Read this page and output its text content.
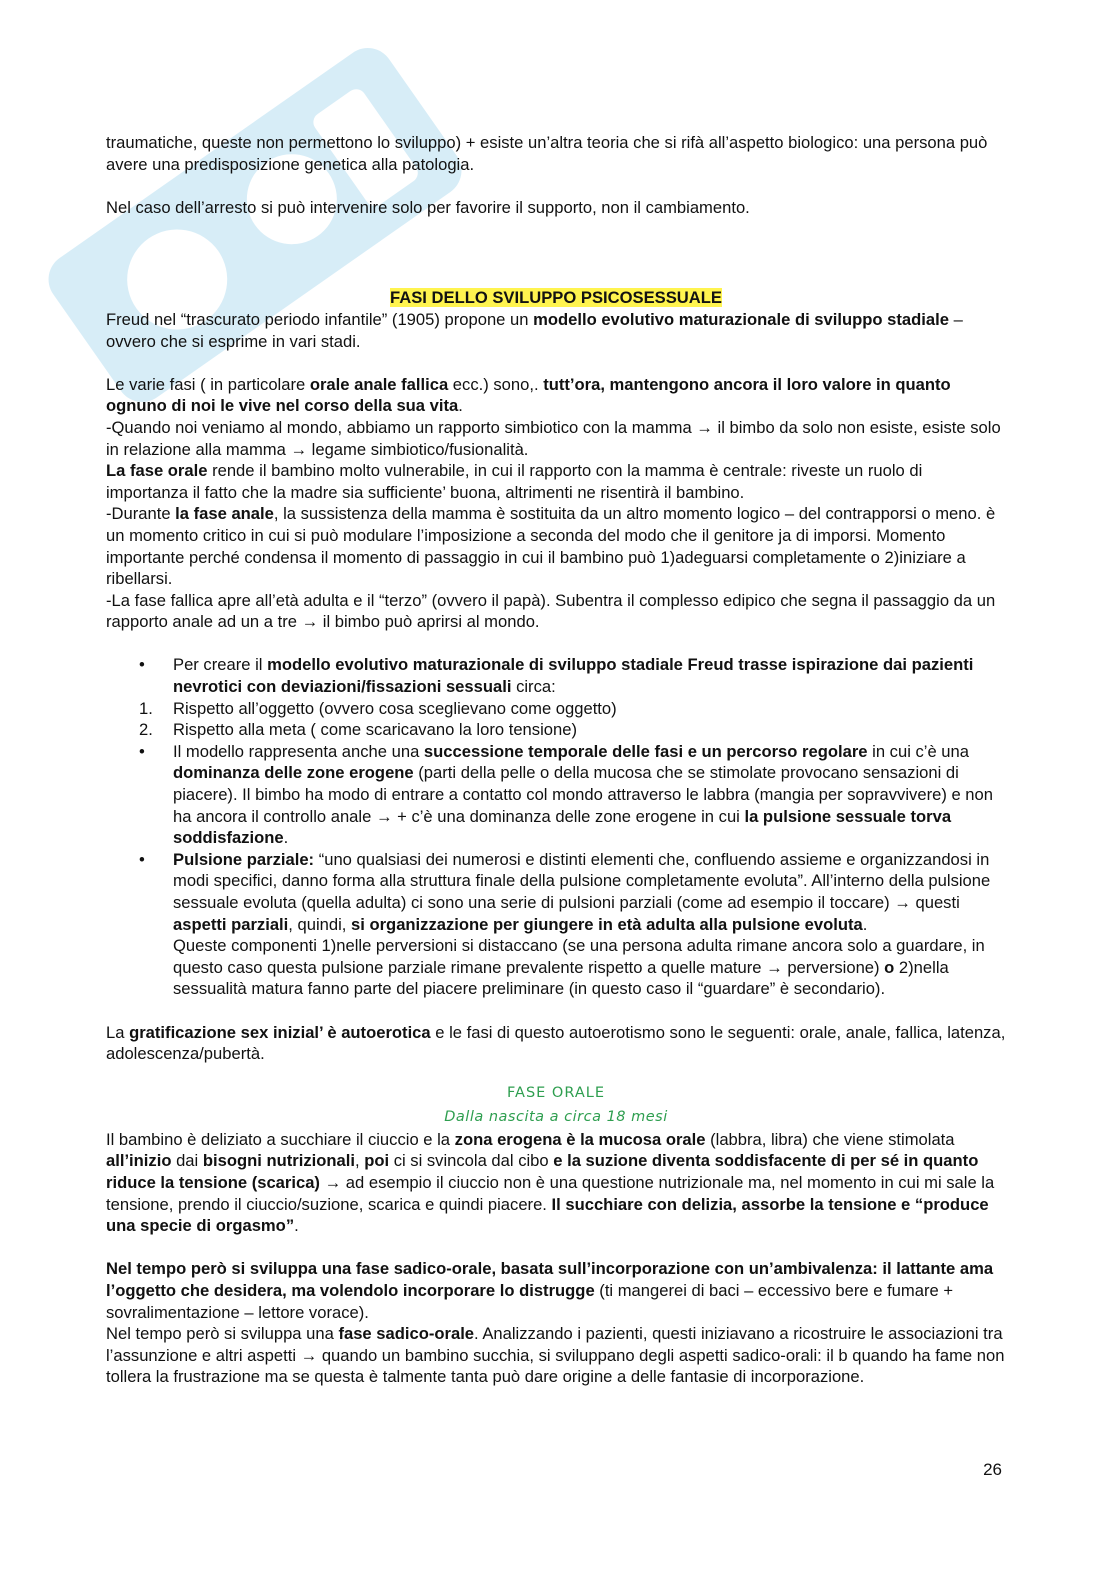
traumatiche, queste non permettono lo sviluppo) + esiste un’altra teoria che si rifà all’aspetto biologico: una persona può avere una predisposizione genetica alla patologia.

Nel caso dell’arresto si può intervenire solo per favorire il supporto, non il cambiamento.

FASI DELLO SVILUPPO PSICOSESSUALE

Freud nel “trascurato periodo infantile” (1905) propone un modello evolutivo maturazionale di sviluppo stadiale – ovvero che si esprime in vari stadi.

Le varie fasi ( in particolare orale anale fallica ecc.) sono,. tutt’ora, mantengono ancora il loro valore in quanto ognuno di noi le vive nel corso della sua vita.

-Quando noi veniamo al mondo, abbiamo un rapporto simbiotico con la mamma → il bimbo da solo non esiste, esiste solo in relazione alla mamma → legame simbiotico/fusionalità.

La fase orale rende il bambino molto vulnerabile, in cui il rapporto con la mamma è centrale: riveste un ruolo di importanza il fatto che la madre sia sufficiente’ buona, altrimenti ne risentirà il bambino.

-Durante la fase anale, la sussistenza della mamma è sostituita da un altro momento logico – del contrapporsi o meno. è un momento critico in cui si può modulare l’imposizione a seconda del modo che il genitore ja di imporsi. Momento importante perché condensa il momento di passaggio in cui il bambino può 1)adeguarsi completamente o 2)iniziare a ribellarsi.

-La fase fallica apre all’età adulta e il “terzo” (ovvero il papà). Subentra il complesso edipico che segna il passaggio da un rapporto anale ad un a tre → il bimbo può aprirsi al mondo.

•	Per creare il modello evolutivo maturazionale di sviluppo stadiale Freud trasse ispirazione dai pazienti nevrotici con deviazioni/fissazioni sessuali circa:
1.	Rispetto all’oggetto (ovvero cosa sceglievano come oggetto)
2.	Rispetto alla meta ( come scaricavano la loro tensione)
•	Il modello rappresenta anche una successione temporale delle fasi e un percorso regolare in cui c’è una dominanza delle zone erogene (parti della pelle o della mucosa che se stimolate provocano sensazioni di piacere). Il bimbo ha modo di entrare a contatto col mondo attraverso le labbra (mangia per sopravvivere) e non ha ancora il controllo anale → + c’è una dominanza delle zone erogene in cui la pulsione sessuale torva soddisfazione.
•	Pulsione parziale: “uno qualsiasi dei numerosi e distinti elementi che, confluendo assieme e organizzandosi in modi specifici, danno forma alla struttura finale della pulsione completamente evoluta”. All’interno della pulsione sessuale evoluta (quella adulta) ci sono una serie di pulsioni parziali (come ad esempio il toccare) → questi aspetti parziali, quindi, si organizzazione per giungere in età adulta alla pulsione evoluta.
Queste componenti 1)nelle perversioni si distaccano (se una persona adulta rimane ancora solo a guardare, in questo caso questa pulsione parziale rimane prevalente rispetto a quelle mature → perversione) o 2)nella sessualità matura fanno parte del piacere preliminare (in questo caso il “guardare” è secondario).

La gratificazione sex inizial’ è autoerotica e le fasi di questo autoerotismo sono le seguenti: orale, anale, fallica, latenza, adolescenza/pubertà.

FASE ORALE

Dalla nascita a circa 18 mesi

Il bambino è deliziato a succhiare il ciuccio e la zona erogena è la mucosa orale (labbra, libra) che viene stimolata all’inizio dai bisogni nutrizionali, poi ci si svincola dal cibo e la suzione diventa soddisfacente di per sé in quanto riduce la tensione (scarica) → ad esempio il ciuccio non è una questione nutrizionale ma, nel momento in cui mi sale la tensione, prendo il ciuccio/suzione, scarica e quindi piacere. Il succhiare con delizia, assorbe la tensione e “produce una specie di orgasmo”.

Nel tempo però si sviluppa una fase sadico-orale, basata sull’incorporazione con un’ambivalenza: il lattante ama l’oggetto che desidera, ma volendolo incorporare lo distrugge (ti mangerei di baci – eccessivo bere e fumare + sovralimentazione – lettore vorace).

Nel tempo però si sviluppa una fase sadico-orale. Analizzando i pazienti, questi iniziavano a ricostruire le associazioni tra l’assunzione e altri aspetti → quando un bambino succhia, si sviluppano degli aspetti sadico-orali: il b quando ha fame non tollera la frustrazione ma se questa è talmente tanta può dare origine a delle fantasie di incorporazione.

26
